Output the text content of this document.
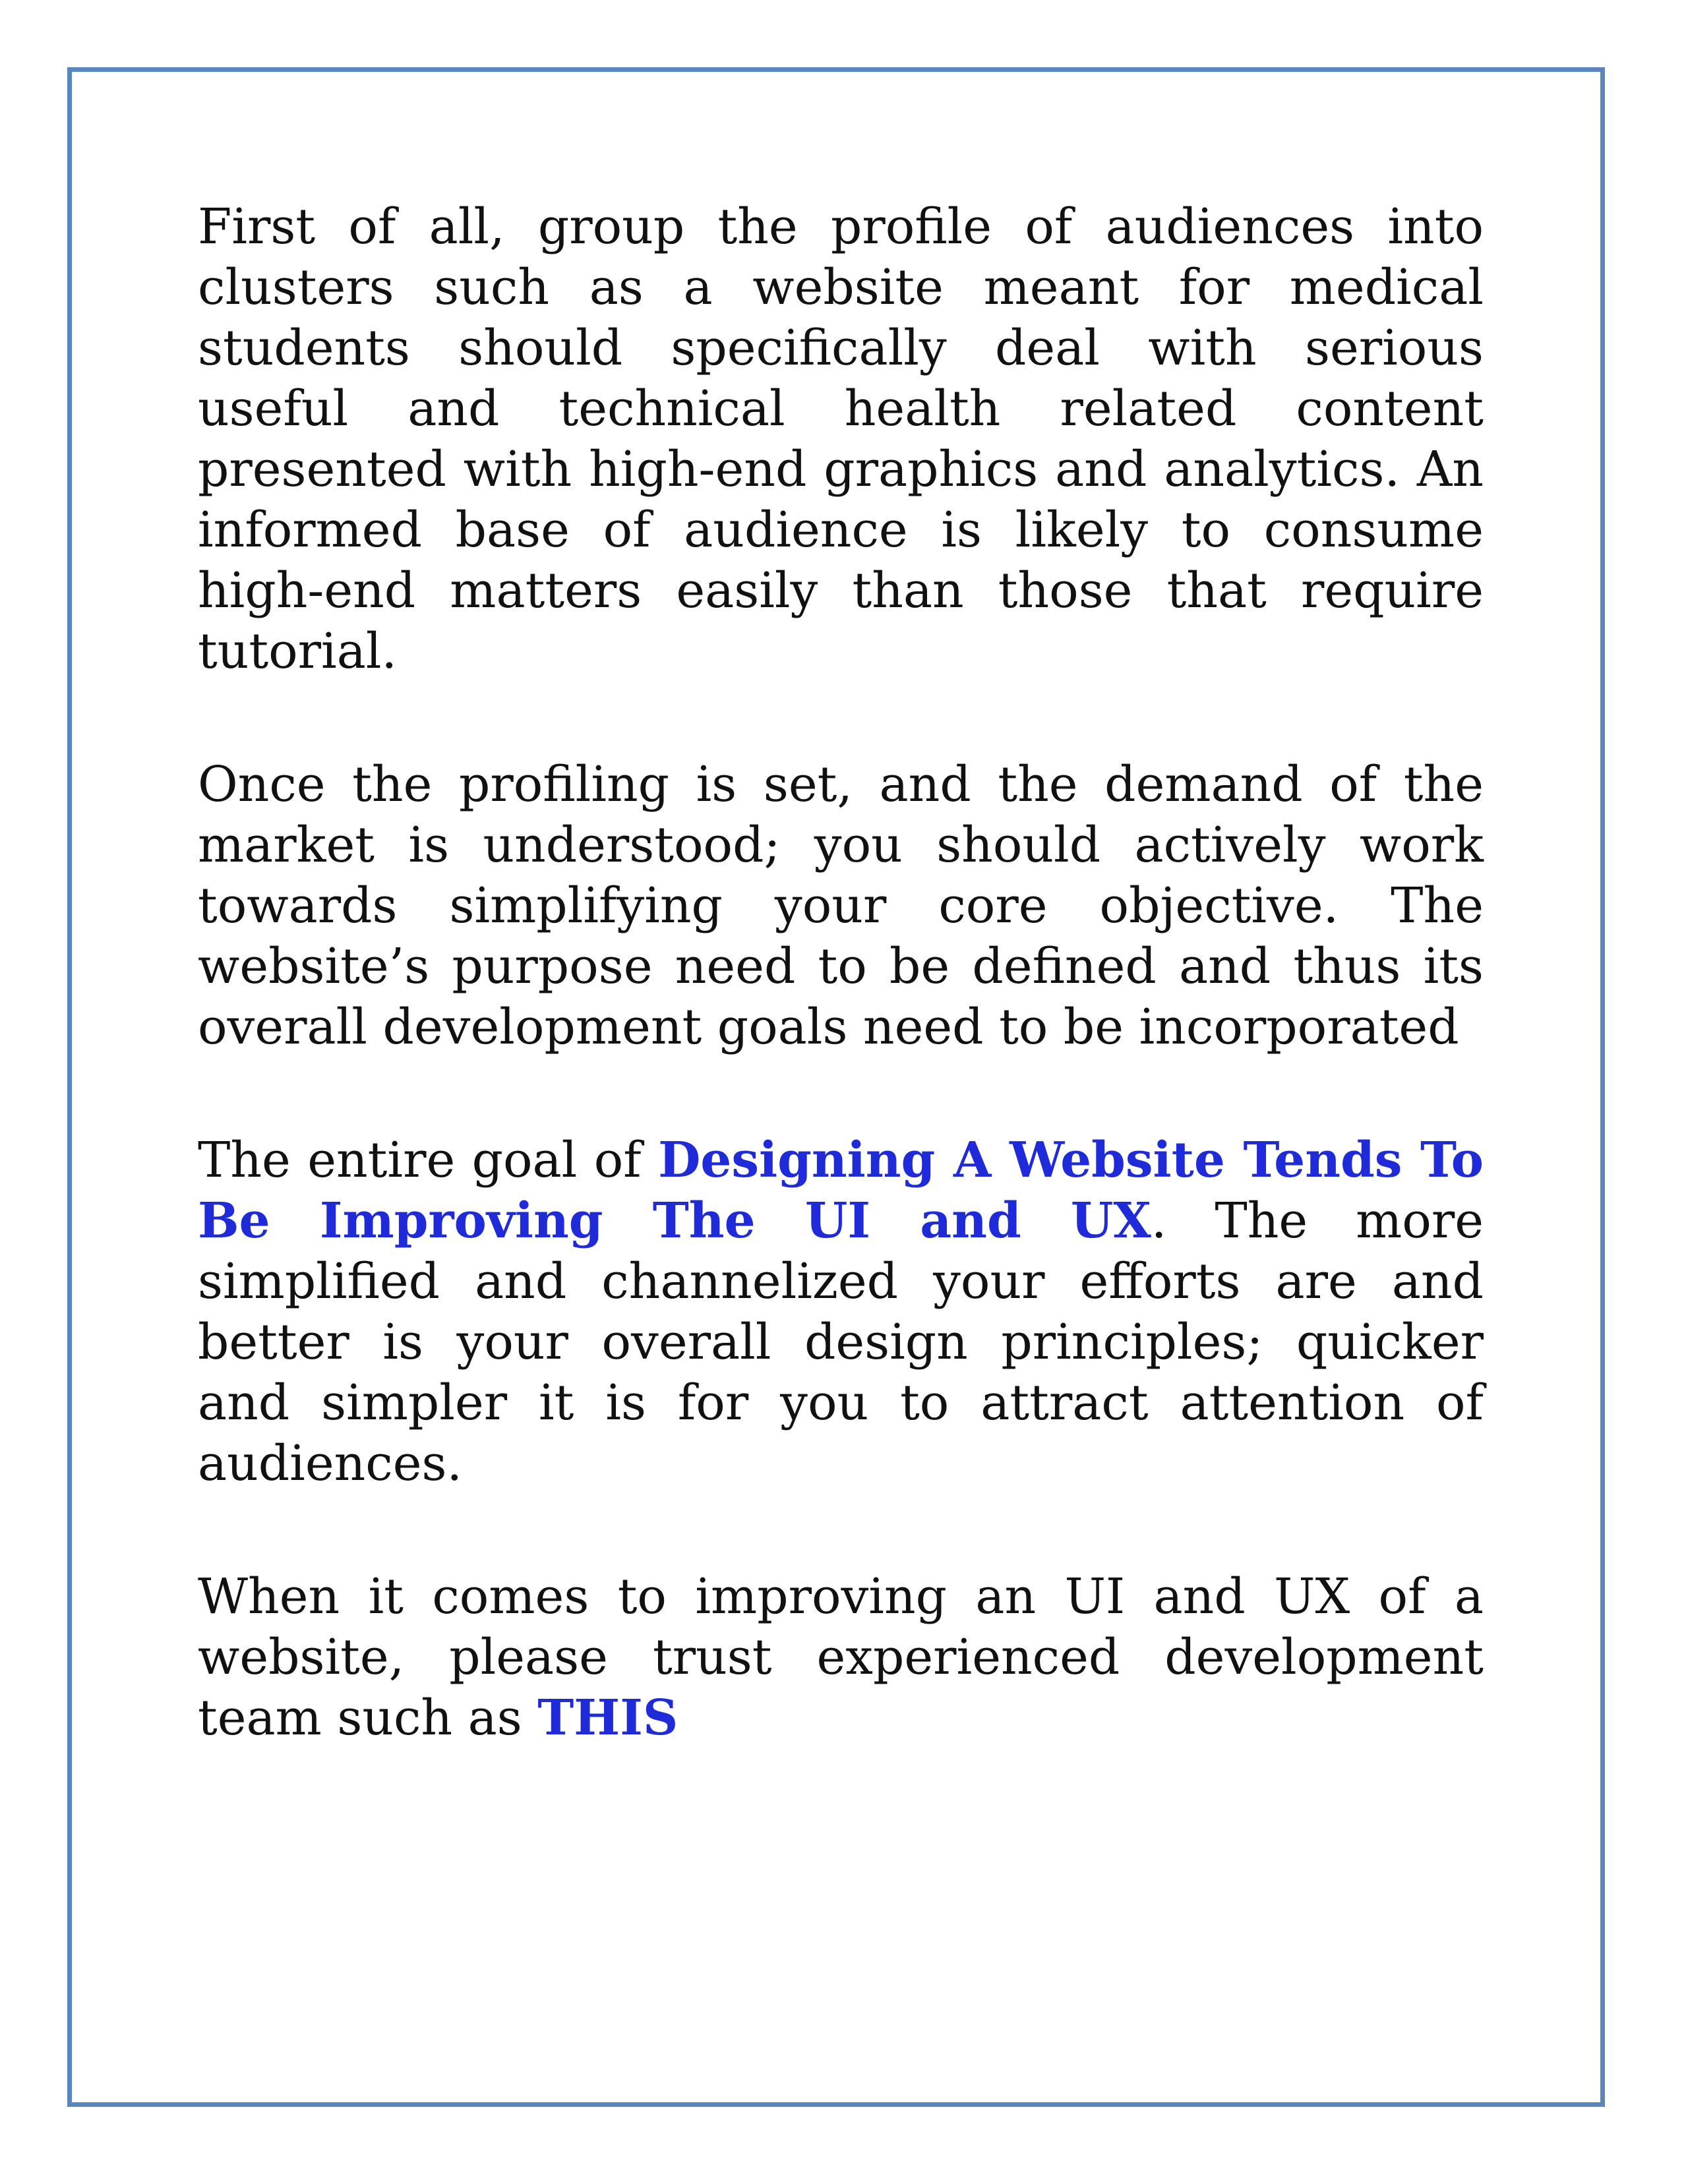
First of all, group the profile of audiences into clusters such as a website meant for medical students should specifically deal with serious useful and technical health related content presented with high-end graphics and analytics. An informed base of audience is likely to consume high-end matters easily than those that require tutorial.

Once the profiling is set, and the demand of the market is understood; you should actively work towards simplifying your core objective. The website’s purpose need to be defined and thus its overall development goals need to be incorporated

The entire goal of Designing A Website Tends To Be Improving The UI and UX. The more simplified and channelized your efforts are and better is your overall design principles; quicker and simpler it is for you to attract attention of audiences.

When it comes to improving an UI and UX of a website, please trust experienced development team such as THIS
